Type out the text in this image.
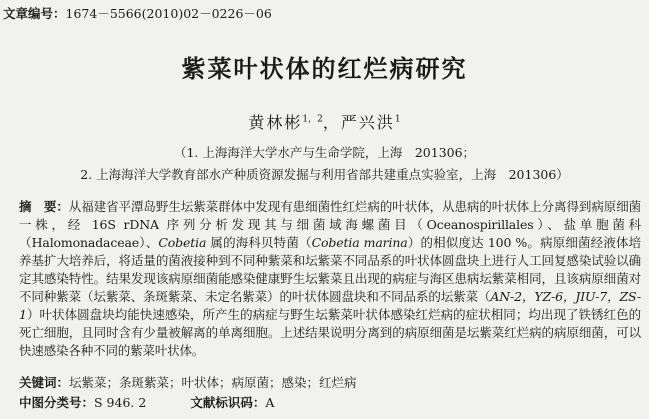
文章编号：1674－5566(2010)02－0226－06
紫菜叶状体的红烂病研究
黄林彬$^{1,2}$，严兴洪$^1$
（1. 上海海洋大学水产与生命学院，上海　201306；
2. 上海海洋大学教育部水产种质资源发掘与利用省部共建重点实验室，上海　201306）
摘　要：从福建省平潭岛野生坛紫菜群体中发现有患细菌性红烂病的叶状体，从患病的叶状体上分离得到病原细菌一株，经 16S rDNA 序列分析发现其与细菌域海螺菌目（Oceanospirillales）、盐单胞菌科（Halomonadaceae）、Cobetia 属的海科贝特菌（Cobetia marina）的相似度达 100 %。病原细菌经液体培养基扩大培养后，将适量的菌液接种到不同种紫菜和坛紫菜不同品系的叶状体圆盘块上进行人工回复感染试验以确定其感染特性。结果发现该病原细菌能感染健康野生坛紫菜且出现的病症与海区患病坛紫菜相同，且该病原细菌对不同种紫菜（坛紫菜、条斑紫菜、未定名紫菜）的叶状体圆盘块和不同品系的坛紫菜（AN-2，YZ-6，JIU-7，ZS-1）叶状体圆盘块均能快速感染，所产生的病症与野生坛紫菜叶状体感染红烂病的症状相同；均出现了铁锈红色的死亡细胞，且同时含有少量被解离的单离细胞。上述结果说明分离到的病原细菌是坛紫菜红烂病的病原细菌，可以快速感染各种不同的紫菜叶状体。
关键词：坛紫菜；条斑紫菜；叶状体；病原菌；感染；红烂病
中图分类号：S 946. 2	文献标识码：A
